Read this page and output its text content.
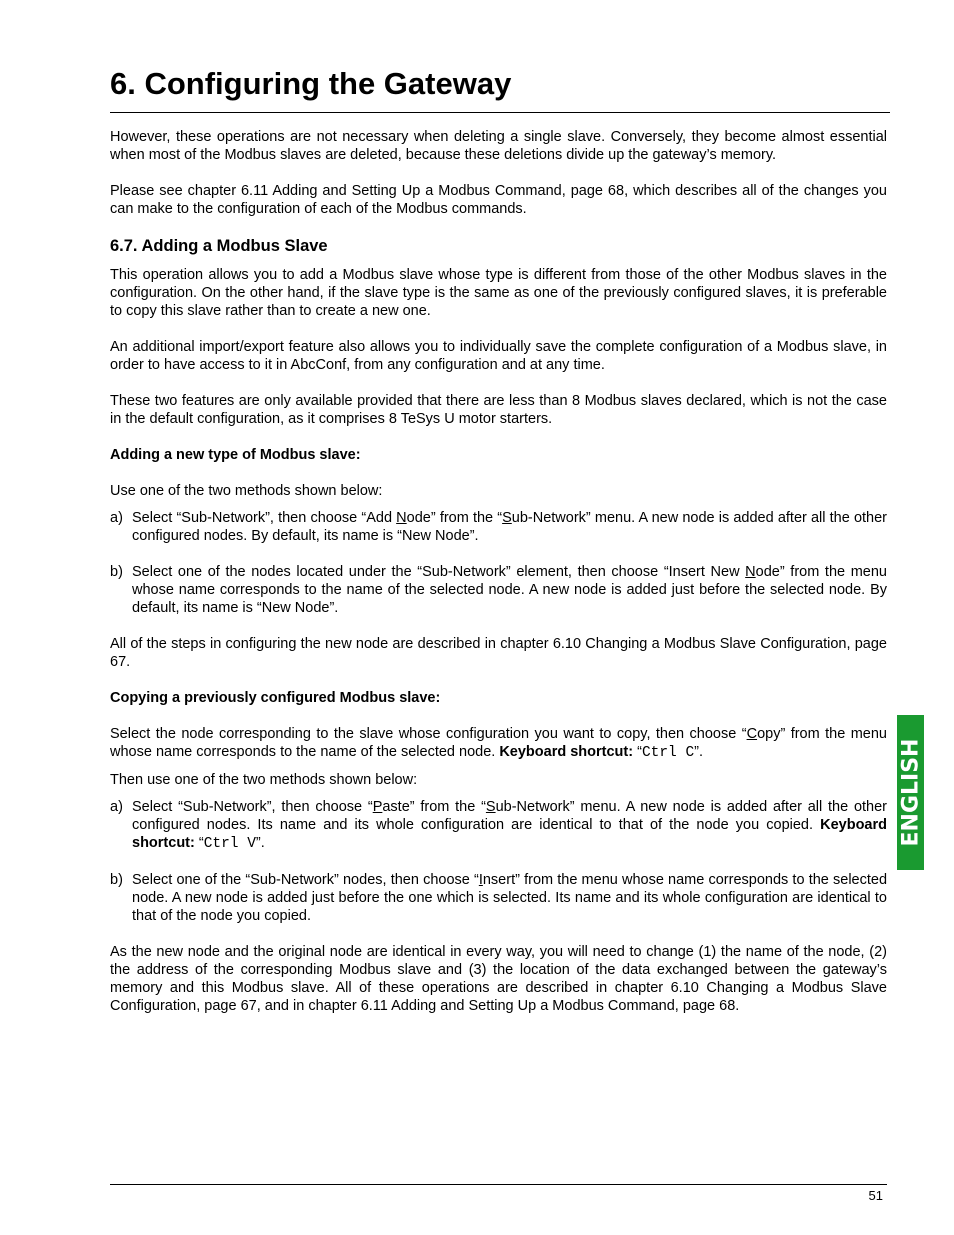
6. Configuring the Gateway

However, these operations are not necessary when deleting a single slave. Conversely, they become almost essential when most of the Modbus slaves are deleted, because these deletions divide up the gateway’s memory.

Please see chapter 6.11 Adding and Setting Up a Modbus Command, page 68, which describes all of the changes you can make to the configuration of each of the Modbus commands.

6.7. Adding a Modbus Slave

This operation allows you to add a Modbus slave whose type is different from those of the other Modbus slaves in the configuration. On the other hand, if the slave type is the same as one of the previously configured slaves, it is preferable to copy this slave rather than to create a new one.

An additional import/export feature also allows you to individually save the complete configuration of a Modbus slave, in order to have access to it in AbcConf, from any configuration and at any time.

These two features are only available provided that there are less than 8 Modbus slaves declared, which is not the case in the default configuration, as it comprises 8 TeSys U motor starters.

Adding a new type of Modbus slave:

Use one of the two methods shown below:

a) Select “Sub-Network”, then choose “Add Node” from the “Sub-Network” menu. A new node is added after all the other configured nodes. By default, its name is “New Node”.
b) Select one of the nodes located under the “Sub-Network” element, then choose “Insert New Node” from the menu whose name corresponds to the name of the selected node. A new node is added just before the selected node. By default, its name is “New Node”.

All of the steps in configuring the new node are described in chapter 6.10 Changing a Modbus Slave Configuration, page 67.

Copying a previously configured Modbus slave:

Select the node corresponding to the slave whose configuration you want to copy, then choose “Copy” from the menu whose name corresponds to the name of the selected node. Keyboard shortcut: “Ctrl C”.

Then use one of the two methods shown below:

a) Select “Sub-Network”, then choose “Paste” from the “Sub-Network” menu. A new node is added after all the other configured nodes. Its name and its whole configuration are identical to that of the node you copied. Keyboard shortcut: “Ctrl V”.
b) Select one of the “Sub-Network” nodes, then choose “Insert” from the menu whose name corresponds to the selected node. A new node is added just before the one which is selected. Its name and its whole configuration are identical to that of the node you copied.

As the new node and the original node are identical in every way, you will need to change (1) the name of the node, (2) the address of the corresponding Modbus slave and (3) the location of the data exchanged between the gateway’s memory and this Modbus slave. All of these operations are described in chapter 6.10 Changing a Modbus Slave Configuration, page 67, and in chapter 6.11 Adding and Setting Up a Modbus Command, page 68.

ENGLISH
51
